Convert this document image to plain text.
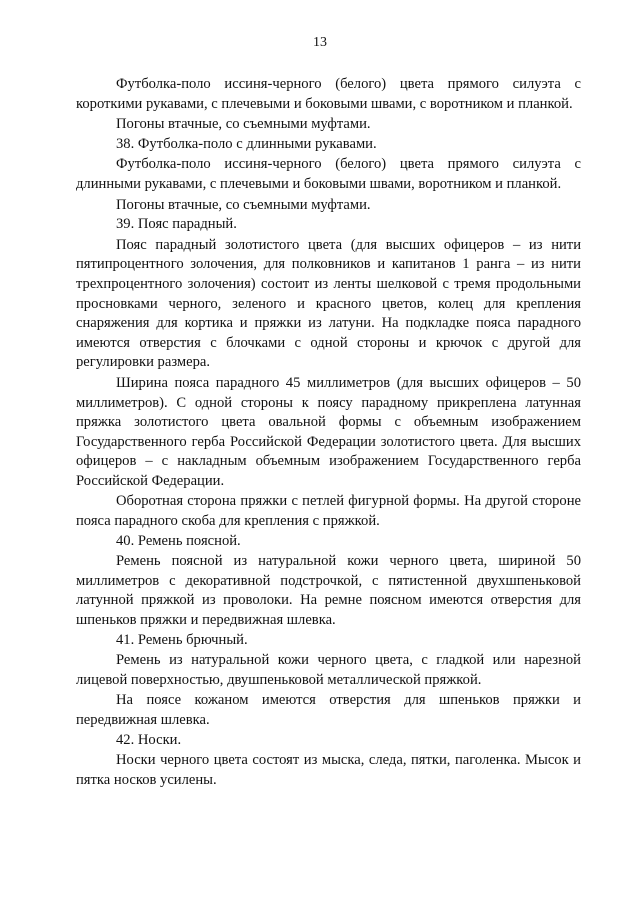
13

Футболка-поло иссиня-черного (белого) цвета прямого силуэта с короткими рукавами, с плечевыми и боковыми швами, с воротником и планкой.

Погоны втачные, со съемными муфтами.

38. Футболка-поло с длинными рукавами.

Футболка-поло иссиня-черного (белого) цвета прямого силуэта с длинными рукавами, с плечевыми и боковыми швами, воротником и планкой.

Погоны втачные, со съемными муфтами.

39. Пояс парадный.

Пояс парадный золотистого цвета (для высших офицеров – из нити пятипроцентного золочения, для полковников и капитанов 1 ранга – из нити трехпроцентного золочения) состоит из ленты шелковой с тремя продольными просновками черного, зеленого и красного цветов, колец для крепления снаряжения для кортика и пряжки из латуни. На подкладке пояса парадного имеются отверстия с блочками с одной стороны и крючок с другой для регулировки размера.

Ширина пояса парадного 45 миллиметров (для высших офицеров – 50 миллиметров). С одной стороны к поясу парадному прикреплена латунная пряжка золотистого цвета овальной формы с объемным изображением Государственного герба Российской Федерации золотистого цвета. Для высших офицеров – с накладным объемным изображением Государственного герба Российской Федерации.

Оборотная сторона пряжки с петлей фигурной формы. На другой стороне пояса парадного скоба для крепления с пряжкой.

40. Ремень поясной.

Ремень поясной из натуральной кожи черного цвета, шириной 50 миллиметров с декоративной подстрочкой, с пятистенной двухшпеньковой латунной пряжкой из проволоки. На ремне поясном имеются отверстия для шпеньков пряжки и передвижная шлевка.

41. Ремень брючный.

Ремень из натуральной кожи черного цвета, с гладкой или нарезной лицевой поверхностью, двушпеньковой металлической пряжкой.

На поясе кожаном имеются отверстия для шпеньков пряжки и передвижная шлевка.

42. Носки.

Носки черного цвета состоят из мыска, следа, пятки, паголенка. Мысок и пятка носков усилены.
